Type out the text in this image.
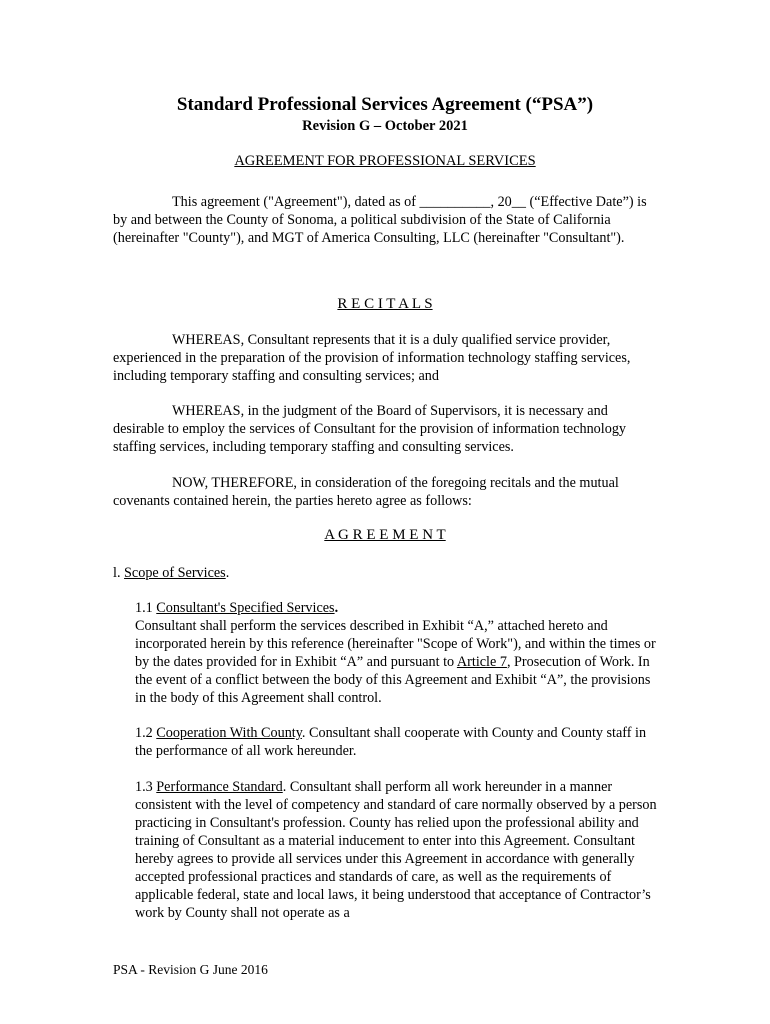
Standard Professional Services Agreement (“PSA”)
Revision G – October 2021
AGREEMENT FOR PROFESSIONAL SERVICES

This agreement ("Agreement"), dated as of __________, 20__ (“Effective Date”) is by and between the County of Sonoma, a political subdivision of the State of California (hereinafter "County"), and MGT of America Consulting, LLC (hereinafter "Consultant").

R E C I T A L S

WHEREAS, Consultant represents that it is a duly qualified service provider, experienced in the preparation of the provision of information technology staffing services, including temporary staffing and consulting services; and

WHEREAS, in the judgment of the Board of Supervisors, it is necessary and desirable to employ the services of Consultant for the provision of information technology staffing services, including temporary staffing and consulting services.

NOW, THEREFORE, in consideration of the foregoing recitals and the mutual covenants contained herein, the parties hereto agree as follows:

A G R E E M E N T
l. Scope of Services.
1.1 Consultant's Specified Services.
Consultant shall perform the services described in Exhibit “A,” attached hereto and incorporated herein by this reference (hereinafter "Scope of Work"), and within the times or by the dates provided for in Exhibit “A” and pursuant to Article 7, Prosecution of Work. In the event of a conflict between the body of this Agreement and Exhibit “A”, the provisions in the body of this Agreement shall control.
1.2 Cooperation With County. Consultant shall cooperate with County and County staff in the performance of all work hereunder.
1.3 Performance Standard. Consultant shall perform all work hereunder in a manner consistent with the level of competency and standard of care normally observed by a person practicing in Consultant's profession. County has relied upon the professional ability and training of Consultant as a material inducement to enter into this Agreement. Consultant hereby agrees to provide all services under this Agreement in accordance with generally accepted professional practices and standards of care, as well as the requirements of applicable federal, state and local laws, it being understood that acceptance of Contractor’s work by County shall not operate as a
PSA - Revision G June 2016
